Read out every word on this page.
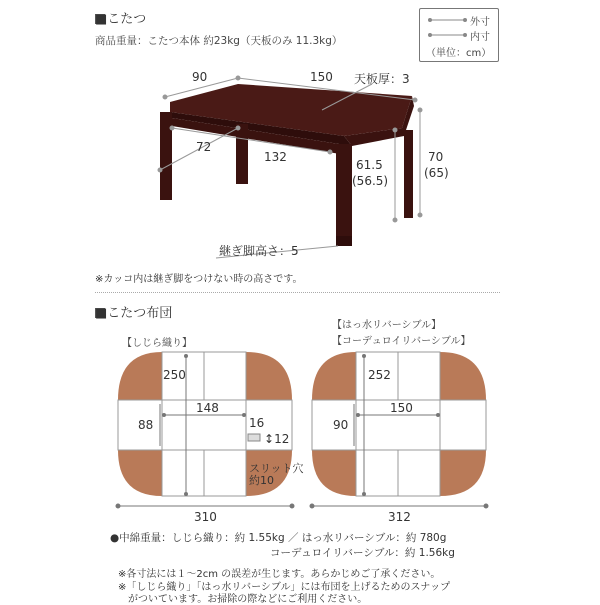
■こたつ
商品重量：こたつ本体 約23kg（天板のみ 11.3kg）
外寸
内寸
（単位：cm）
90	150 天板厚：3
72
132
61.5
(56.5)
70
(65)
継ぎ脚高さ：5
※カッコ内は継ぎ脚をつけない時の高さです。
■こたつ布団
【しじら織り】
【はっ水リバーシブル】
【コーデュロイリバーシブル】
250
88
148
16
↕12
スリット穴
約10
310
252
90
150
312
●中綿重量：しじら織り：約 1.55kg ／ はっ水リバーシブル：約 780g
コーデュロイリバーシブル：約 1.56kg
※各寸法には１～2cm の誤差が生じます。あらかじめご了承ください。
※「しじら織り」「はっ水リバーシブル」には布団を上げるためのスナップ
がついています。お掃除の際などにご利用ください。
